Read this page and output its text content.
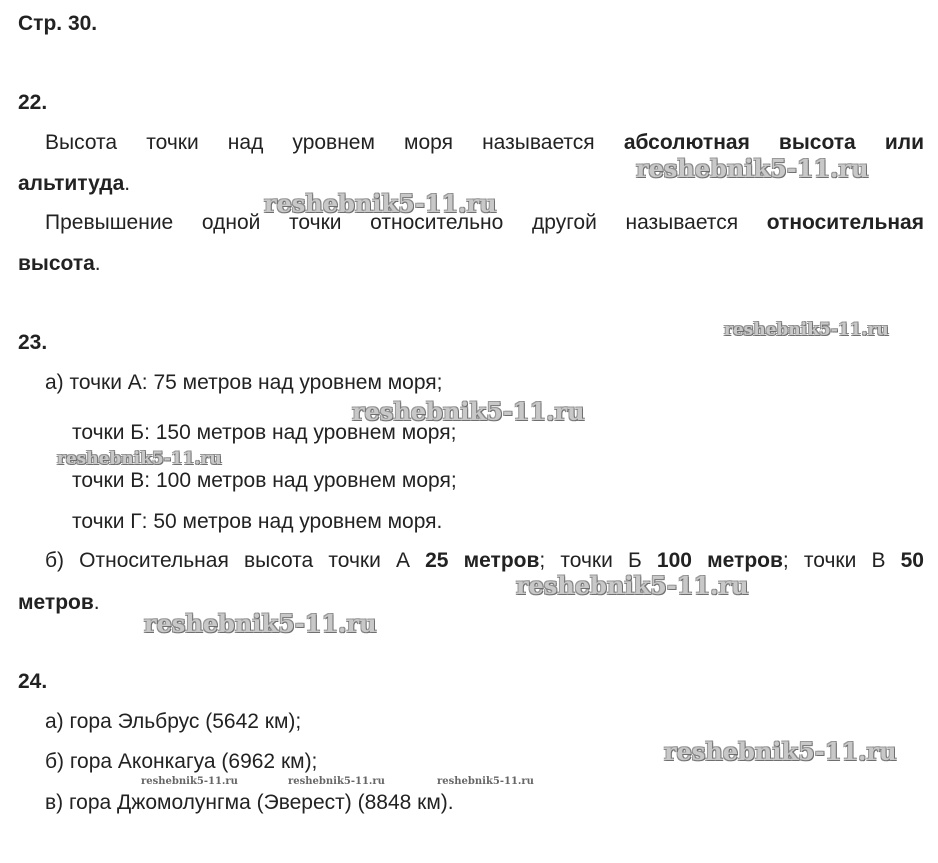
Стр. 30.
22.
Высота точки над уровнем моря называется абсолютная высота или
альтитуда.
Превышение одной точки относительно другой называется относительная
высота.
23.
а) точки А: 75 метров над уровнем моря;
точки Б: 150 метров над уровнем моря;
точки В: 100 метров над уровнем моря;
точки Г: 50 метров над уровнем моря.
б) Относительная высота точки А 25 метров; точки Б 100 метров; точки В 50
метров.
24.
а) гора Эльбрус (5642 км);
б) гора Аконкагуа (6962 км);
в) гора Джомолунгма (Эверест) (8848 км).
reshebnik5-11.ru
reshebnik5-11.ru
reshebnik5-11.ru
reshebnik5-11.ru
reshebnik5-11.ru
reshebnik5-11.ru
reshebnik5-11.ru
reshebnik5-11.ru
reshebnik5-11.ru	reshebnik5-11.ru	reshebnik5-11.ru
